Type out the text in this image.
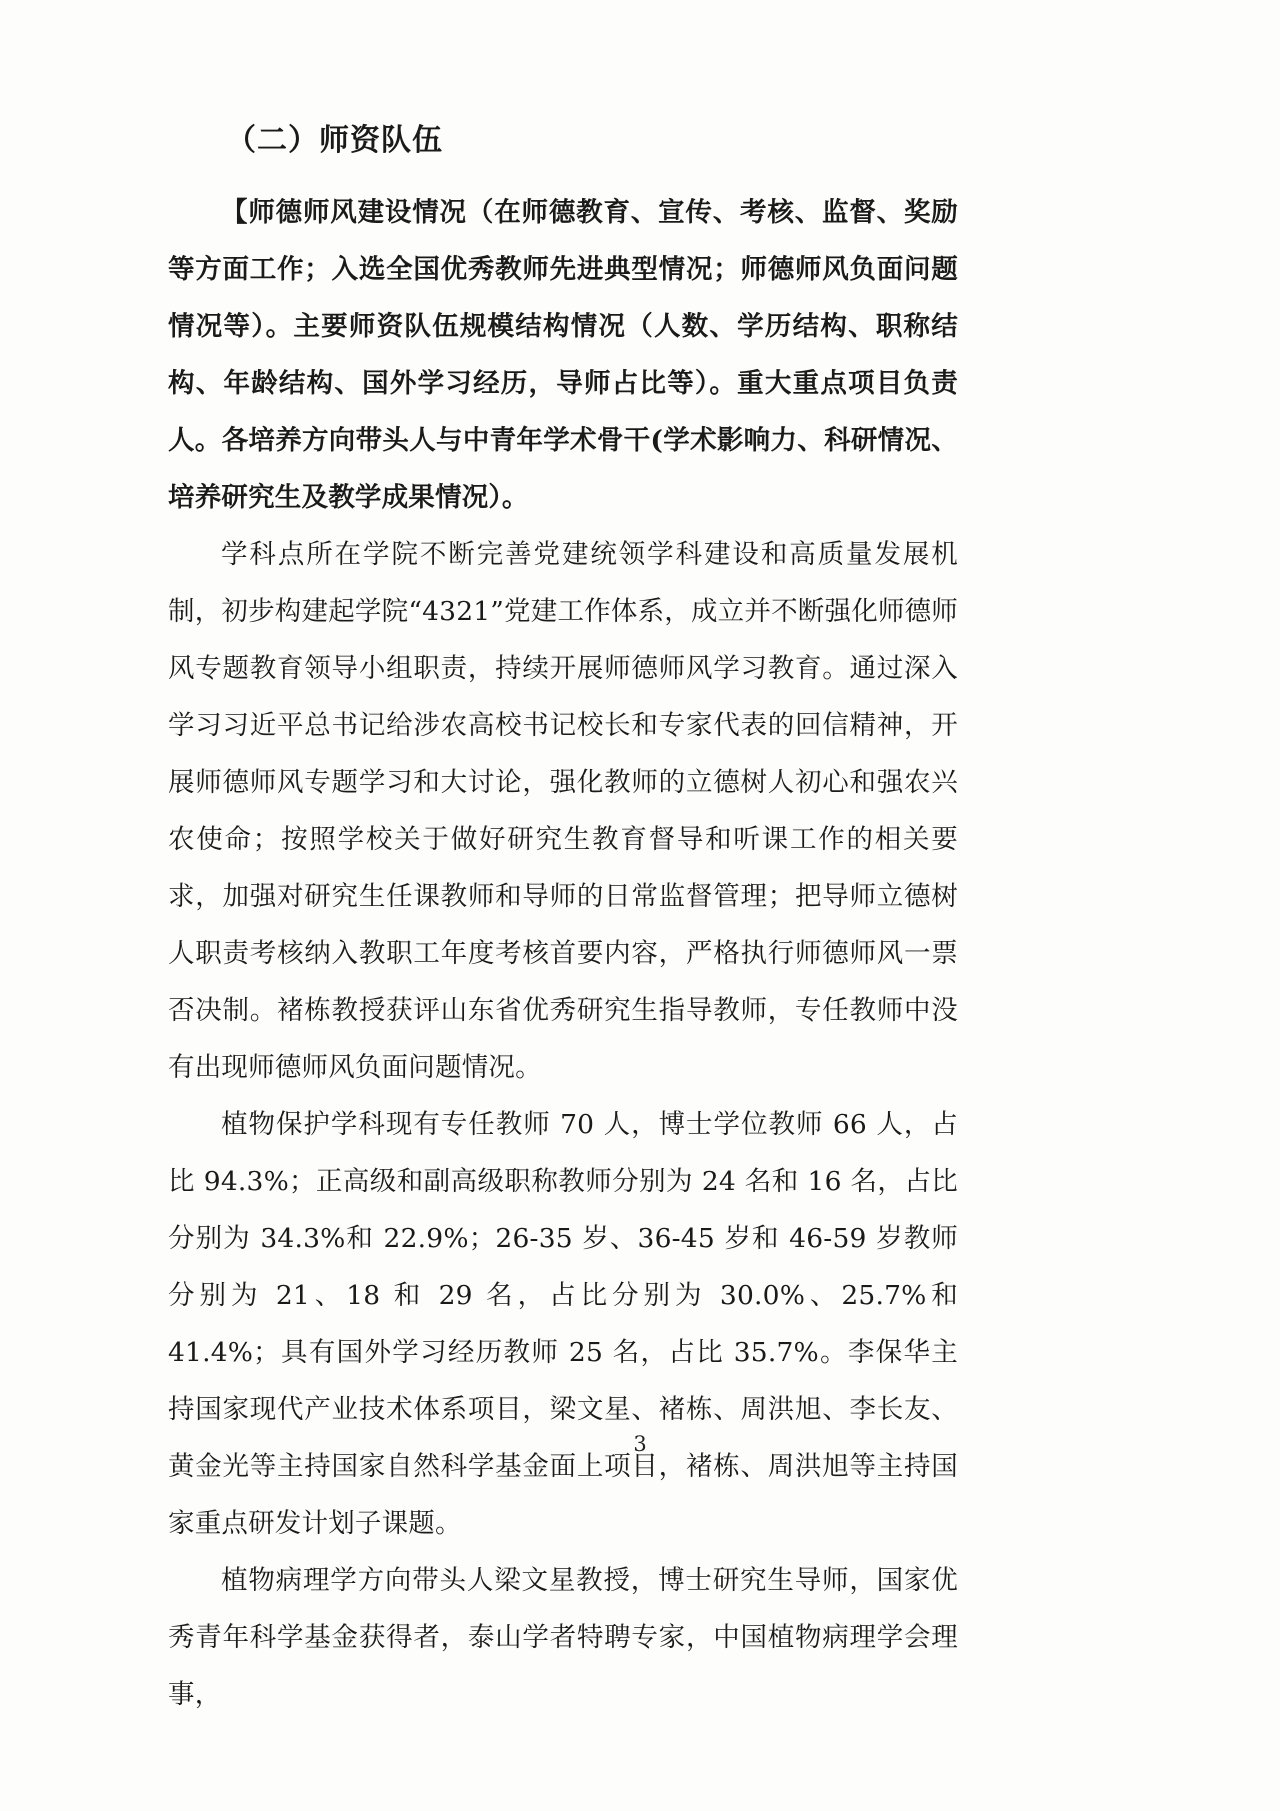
（二）师资队伍

【师德师风建设情况（在师德教育、宣传、考核、监督、奖励等方面工作；入选全国优秀教师先进典型情况；师德师风负面问题情况等）。主要师资队伍规模结构情况（人数、学历结构、职称结构、年龄结构、国外学习经历，导师占比等）。重大重点项目负责人。各培养方向带头人与中青年学术骨干(学术影响力、科研情况、培养研究生及教学成果情况）。

学科点所在学院不断完善党建统领学科建设和高质量发展机制，初步构建起学院“4321”党建工作体系，成立并不断强化师德师风专题教育领导小组职责，持续开展师德师风学习教育。通过深入学习习近平总书记给涉农高校书记校长和专家代表的回信精神，开展师德师风专题学习和大讨论，强化教师的立德树人初心和强农兴农使命；按照学校关于做好研究生教育督导和听课工作的相关要求，加强对研究生任课教师和导师的日常监督管理；把导师立德树人职责考核纳入教职工年度考核首要内容，严格执行师德师风一票否决制。褚栋教授获评山东省优秀研究生指导教师，专任教师中没有出现师德师风负面问题情况。

植物保护学科现有专任教师 70 人，博士学位教师 66 人，占比 94.3%；正高级和副高级职称教师分别为 24 名和 16 名，占比分别为 34.3%和 22.9%；26-35 岁、36-45 岁和 46-59 岁教师分别为 21、18 和 29 名，占比分别为 30.0%、25.7%和 41.4%；具有国外学习经历教师 25 名，占比 35.7%。李保华主持国家现代产业技术体系项目，梁文星、褚栋、周洪旭、李长友、黄金光等主持国家自然科学基金面上项目，褚栋、周洪旭等主持国家重点研发计划子课题。

植物病理学方向带头人梁文星教授，博士研究生导师，国家优秀青年科学基金获得者，泰山学者特聘专家，中国植物病理学会理事，

3
